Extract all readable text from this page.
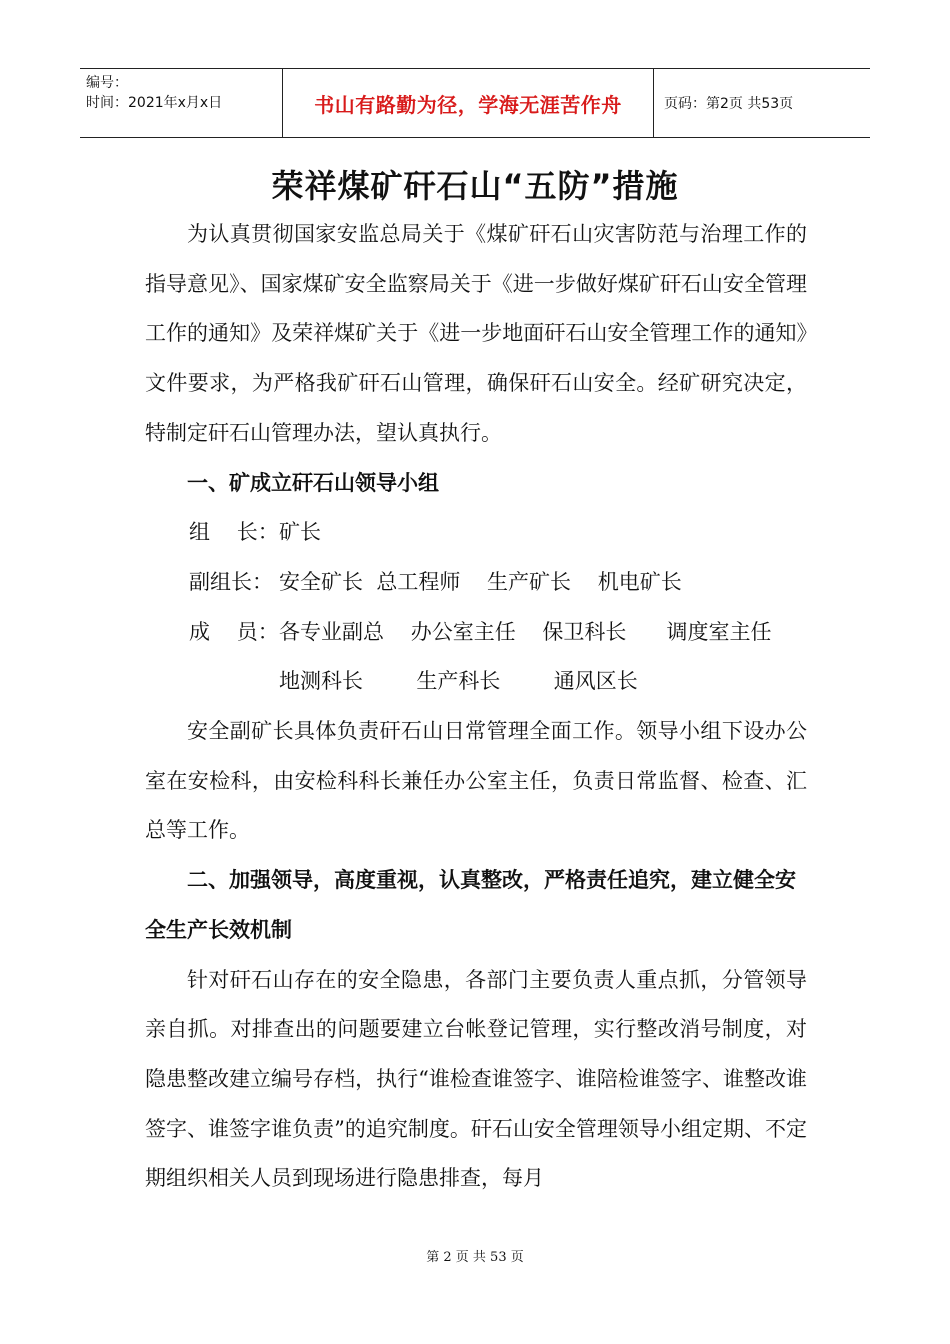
编号：
时间：2021年x月x日	书山有路勤为径，学海无涯苦作舟	页码：第2页 共53页
荣祥煤矿矸石山“五防”措施

为认真贯彻国家安监总局关于《煤矿矸石山灾害防范与治理工作的指导意见》、国家煤矿安全监察局关于《进一步做好煤矿矸石山安全管理工作的通知》及荣祥煤矿关于《进一步地面矸石山安全管理工作的通知》文件要求，为严格我矿矸石山管理，确保矸石山安全。经矿研究决定，特制定矸石山管理办法，望认真执行。

一、矿成立矸石山领导小组

组    长： 矿长
副组长： 安全矿长  总工程师    生产矿长    机电矿长
成    员： 各专业副总    办公室主任    保卫科长      调度室主任

地测科长        生产科长        通风区长

安全副矿长具体负责矸石山日常管理全面工作。领导小组下设办公室在安检科，由安检科科长兼任办公室主任，负责日常监督、检查、汇总等工作。

二、加强领导，高度重视，认真整改，严格责任追究，建立健全安全生产长效机制

针对矸石山存在的安全隐患，各部门主要负责人重点抓，分管领导亲自抓。对排查出的问题要建立台帐登记管理，实行整改消号制度，对隐患整改建立编号存档，执行“谁检查谁签字、谁陪检谁签字、谁整改谁签字、谁签字谁负责”的追究制度。矸石山安全管理领导小组定期、不定期组织相关人员到现场进行隐患排查，每月

第 2 页 共 53 页
